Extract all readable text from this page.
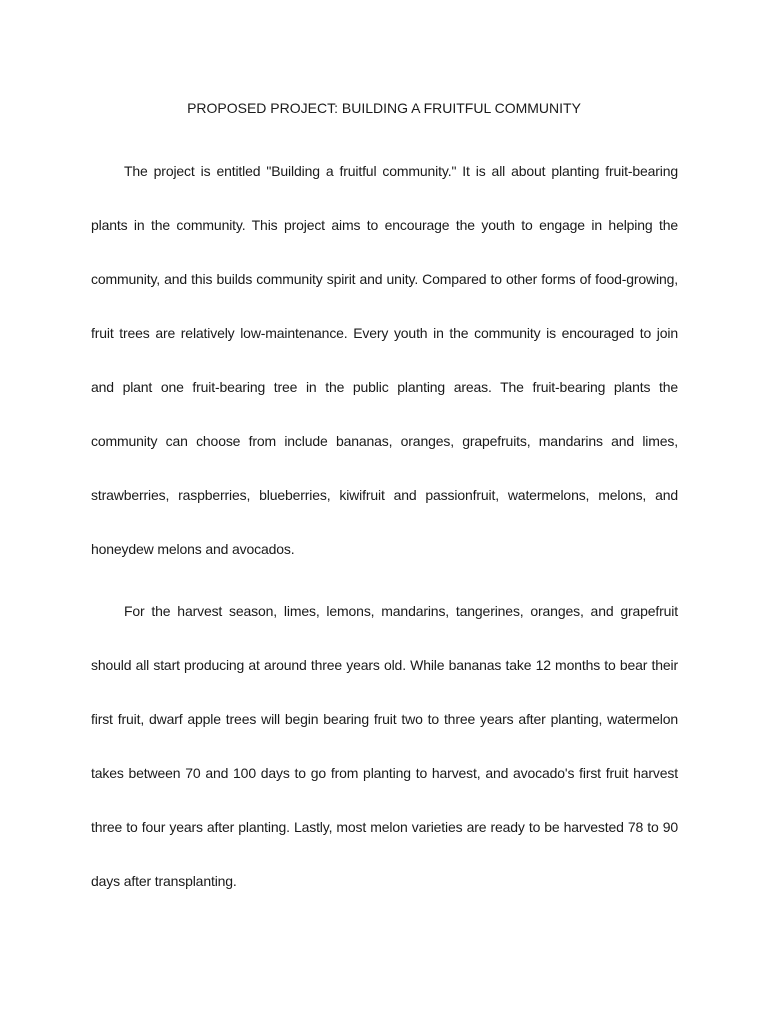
PROPOSED PROJECT: BUILDING A FRUITFUL COMMUNITY

The project is entitled "Building a fruitful community." It is all about planting fruit-bearing plants in the community. This project aims to encourage the youth to engage in helping the community, and this builds community spirit and unity. Compared to other forms of food-growing, fruit trees are relatively low-maintenance. Every youth in the community is encouraged to join and plant one fruit-bearing tree in the public planting areas. The fruit-bearing plants the community can choose from include bananas, oranges, grapefruits, mandarins and limes, strawberries, raspberries, blueberries, kiwifruit and passionfruit, watermelons, melons, and honeydew melons and avocados.

For the harvest season, limes, lemons, mandarins, tangerines, oranges, and grapefruit should all start producing at around three years old. While bananas take 12 months to bear their first fruit, dwarf apple trees will begin bearing fruit two to three years after planting, watermelon takes between 70 and 100 days to go from planting to harvest, and avocado's first fruit harvest three to four years after planting. Lastly, most melon varieties are ready to be harvested 78 to 90 days after transplanting.
